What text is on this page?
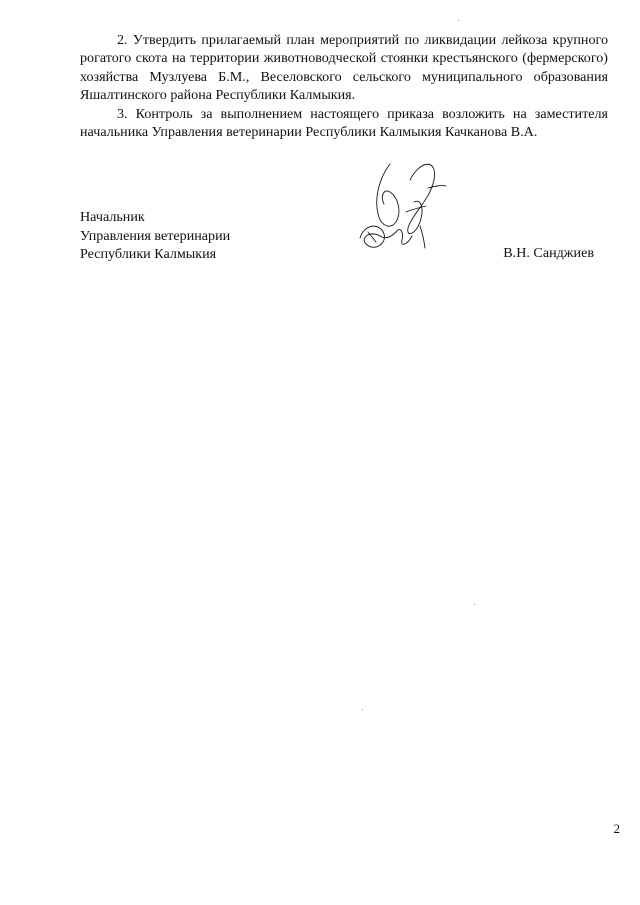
2. Утвердить прилагаемый план мероприятий по ликвидации лейкоза крупного рогатого скота на территории животноводческой стоянки крестьянского (фермерского) хозяйства Музлуева Б.М., Веселовского сельского муниципального образования Яшалтинского района Республики Калмыкия.

3. Контроль за выполнением настоящего приказа возложить на заместителя начальника Управления ветеринарии Республики Калмыкия Качканова В.А.

Начальник
Управления ветеринарии
Республики Калмыкия	В.Н. Санджиев
2
